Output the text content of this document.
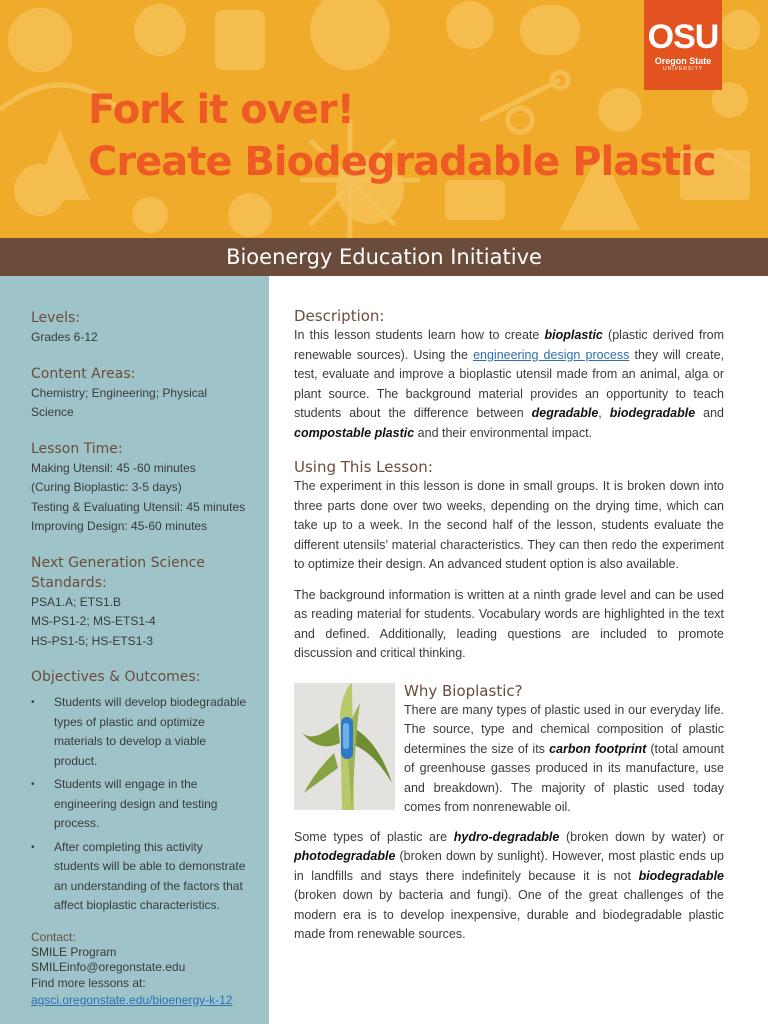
Fork it over!
Create Biodegradable Plastic
OSU
Oregon State
UNIVERSITY
Bioenergy Education Initiative
Levels:
Grades 6-12
Content Areas:
Chemistry; Engineering; Physical Science
Lesson Time:
Making Utensil: 45 -60 minutes
(Curing Bioplastic: 3-5 days)
Testing & Evaluating Utensil: 45 minutes
Improving Design: 45-60 minutes
Next Generation Science
Standards:
PSA1.A; ETS1.B
MS-PS1-2; MS-ETS1-4
HS-PS1-5; HS-ETS1-3
Objectives & Outcomes:
• Students will develop biodegradable types of plastic and optimize materials to develop a viable product.
• Students will engage in the engineering design and testing process.
• After completing this activity students will be able to demonstrate an understanding of the factors that affect bioplastic characteristics.
Contact:
SMILE Program
SMILEinfo@oregonstate.edu
Find more lessons at:
agsci.oregonstate.edu/bioenergy-k-12
Description:

In this lesson students learn how to create bioplastic (plastic derived from renewable sources). Using the engineering design process they will create, test, evaluate and improve a bioplastic utensil made from an animal, alga or plant source. The background material provides an opportunity to teach students about the difference between degradable, biodegradable and compostable plastic and their environmental impact.

Using This Lesson:

The experiment in this lesson is done in small groups. It is broken down into three parts done over two weeks, depending on the drying time, which can take up to a week. In the second half of the lesson, students evaluate the different utensils’ material characteristics. They can then redo the experiment to optimize their design. An advanced student option is also available.

The background information is written at a ninth grade level and can be used as reading material for students. Vocabulary words are highlighted in the text and defined. Additionally, leading questions are included to promote discussion and critical thinking.

Why Bioplastic?

There are many types of plastic used in our everyday life. The source, type and chemical composition of plastic determines the size of its carbon footprint (total amount of greenhouse gasses produced in its manufacture, use and breakdown). The majority of plastic used today comes from nonrenewable oil.

Some types of plastic are hydro-degradable (broken down by water) or photodegradable (broken down by sunlight). However, most plastic ends up in landfills and stays there indefinitely because it is not biodegradable (broken down by bacteria and fungi). One of the great challenges of the modern era is to develop inexpensive, durable and biodegradable plastic made from renewable sources.
